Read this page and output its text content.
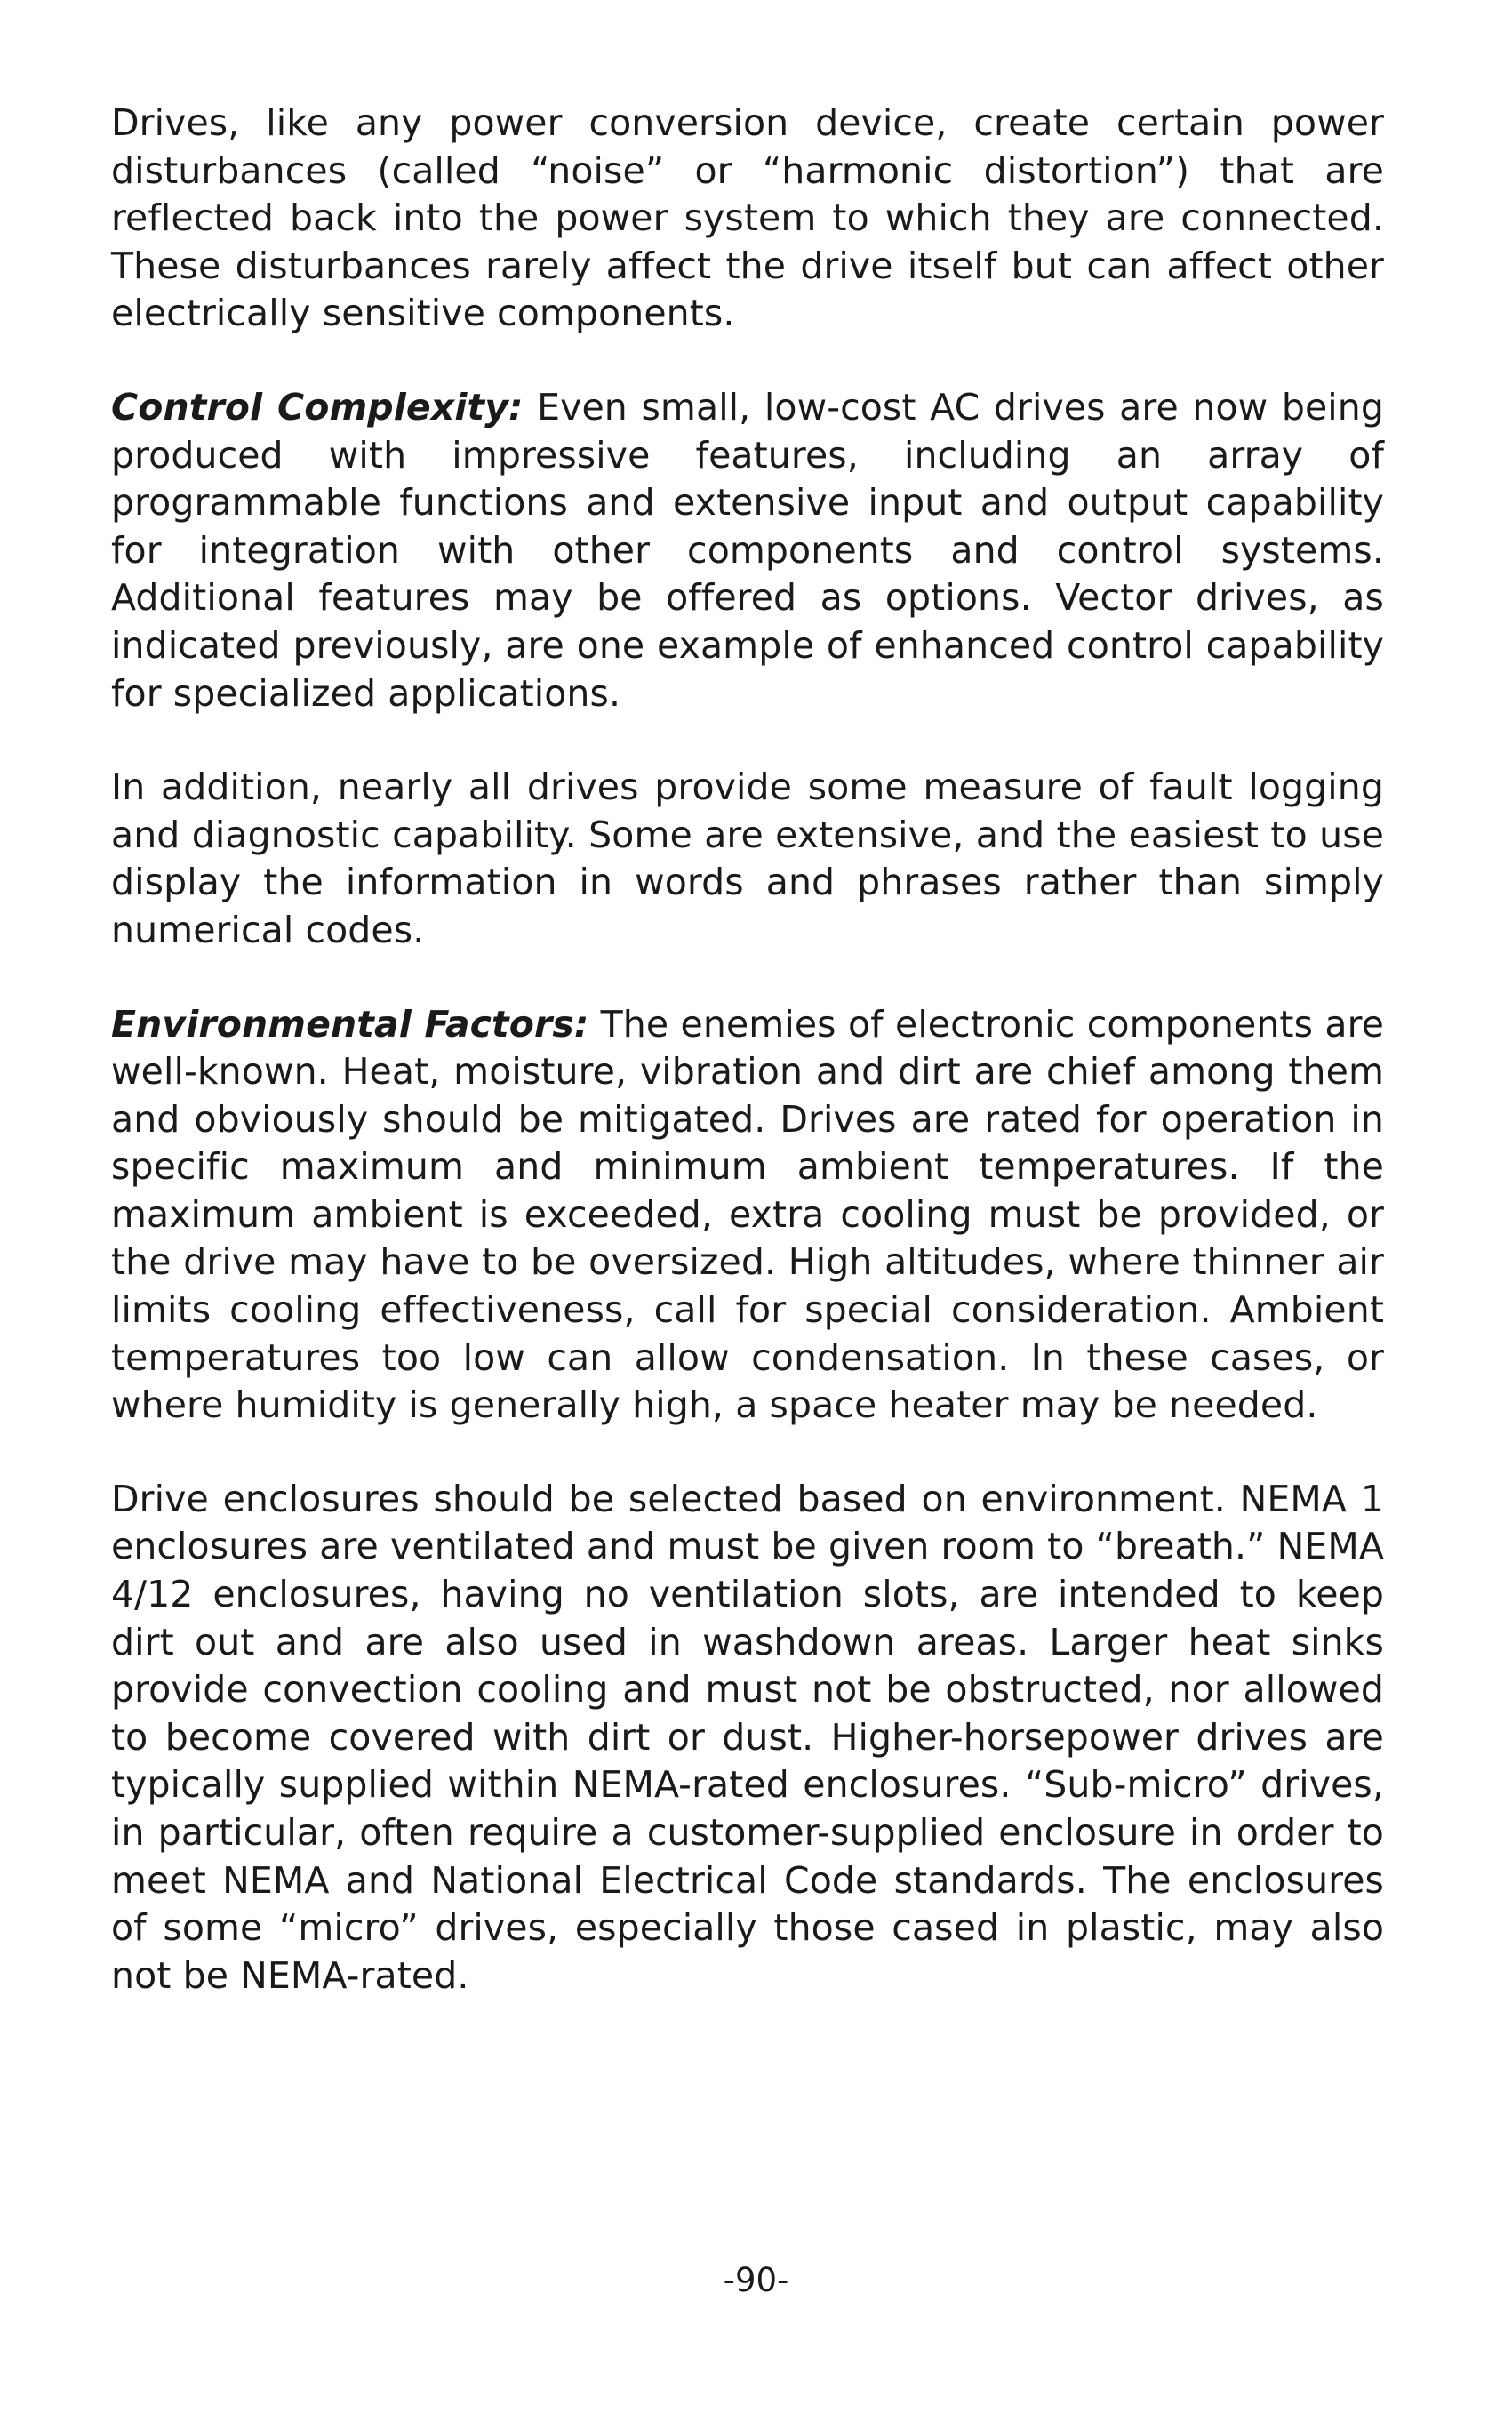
Drives, like any power conversion device, create certain power disturbances (called “noise” or “harmonic distortion”) that are reflected back into the power system to which they are connected. These disturbances rarely affect the drive itself but can affect other electrically sensitive components.

Control Complexity: Even small, low-cost AC drives are now being produced with impressive features, including an array of programmable functions and extensive input and output capability for integration with other components and control systems. Additional features may be offered as options. Vector drives, as indicated previously, are one example of enhanced control capability for specialized applications.

In addition, nearly all drives provide some measure of fault logging and diagnostic capability. Some are extensive, and the easiest to use display the information in words and phrases rather than simply numerical codes.

Environmental Factors: The enemies of electronic components are well-known. Heat, moisture, vibration and dirt are chief among them and obviously should be mitigated. Drives are rated for operation in specific maximum and minimum ambient temperatures. If the maximum ambient is exceeded, extra cooling must be provided, or the drive may have to be oversized. High altitudes, where thinner air limits cooling effectiveness, call for special consideration. Ambient temperatures too low can allow condensation. In these cases, or where humidity is generally high, a space heater may be needed.

Drive enclosures should be selected based on environment. NEMA 1 enclosures are ventilated and must be given room to “breath.” NEMA 4/12 enclosures, having no ventilation slots, are intended to keep dirt out and are also used in washdown areas. Larger heat sinks provide convection cooling and must not be obstructed, nor allowed to become covered with dirt or dust. Higher-horsepower drives are typically supplied within NEMA-rated enclosures. “Sub-micro” drives, in particular, often require a customer-supplied enclosure in order to meet NEMA and National Electrical Code standards. The enclosures of some “micro” drives, especially those cased in plastic, may also not be NEMA-rated.

-90-
